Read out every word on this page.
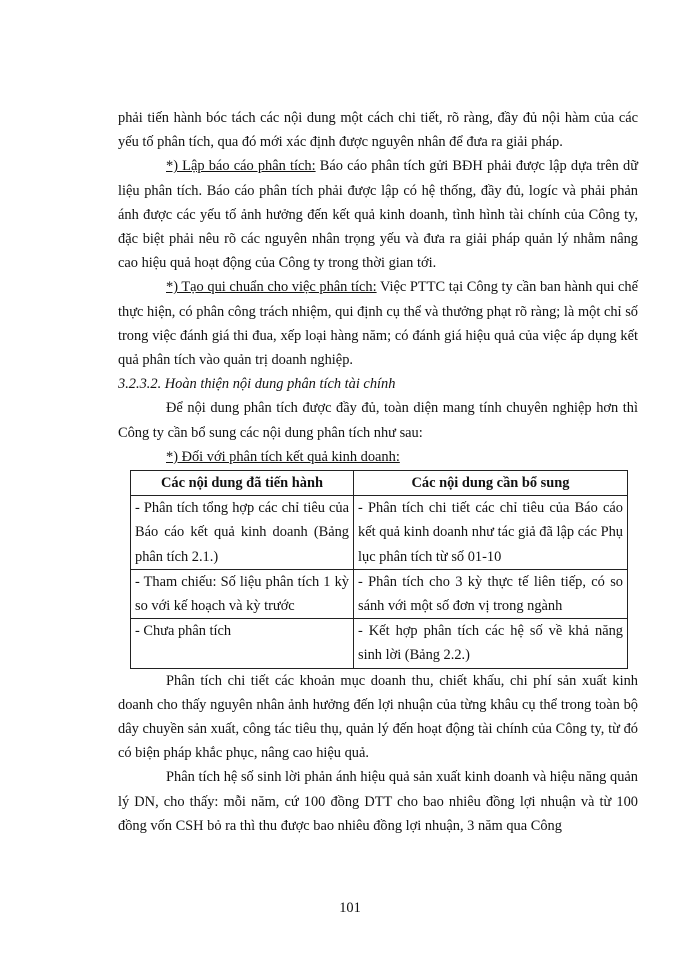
phải tiến hành bóc tách các nội dung một cách chi tiết, rõ ràng, đầy đủ nội hàm của các yếu tố phân tích, qua đó mới xác định được nguyên nhân để đưa ra giải pháp.

*) Lập báo cáo phân tích: Báo cáo phân tích gửi BĐH phải được lập dựa trên dữ liệu phân tích. Báo cáo phân tích phải được lập có hệ thống, đầy đủ, logíc và phải phản ánh được các yếu tố ảnh hưởng đến kết quả kinh doanh, tình hình tài chính của Công ty, đặc biệt phải nêu rõ các nguyên nhân trọng yếu và đưa ra giải pháp quản lý nhằm nâng cao hiệu quả hoạt động của Công ty trong thời gian tới.

*) Tạo qui chuẩn cho việc phân tích: Việc PTTC tại Công ty cần ban hành qui chế thực hiện, có phân công trách nhiệm, qui định cụ thể và thưởng phạt rõ ràng; là một chỉ số trong việc đánh giá thi đua, xếp loại hàng năm; có đánh giá hiệu quả của việc áp dụng kết quả phân tích vào quản trị doanh nghiệp.

3.2.3.2. Hoàn thiện nội dung phân tích tài chính

Để nội dung phân tích được đầy đủ, toàn diện mang tính chuyên nghiệp hơn thì Công ty cần bổ sung các nội dung phân tích như sau:

*) Đối với phân tích kết quả kinh doanh:

Các nội dung đã tiến hành	Các nội dung cần bổ sung
- Phân tích tổng hợp các chỉ tiêu của Báo cáo kết quả kinh doanh (Bảng phân tích 2.1.)	- Phân tích chi tiết các chỉ tiêu của Báo cáo kết quả kinh doanh như tác giả đã lập các Phụ lục phân tích từ số 01-10
- Tham chiếu: Số liệu phân tích 1 kỳ so với kế hoạch và kỳ trước	- Phân tích cho 3 kỳ thực tế liên tiếp, có so sánh với một số đơn vị trong ngành
- Chưa phân tích	- Kết hợp phân tích các hệ số về khả năng sinh lời (Bảng 2.2.)

Phân tích chi tiết các khoản mục doanh thu, chiết khấu, chi phí sản xuất kinh doanh cho thấy nguyên nhân ảnh hưởng đến lợi nhuận của từng khâu cụ thể trong toàn bộ dây chuyền sản xuất, công tác tiêu thụ, quản lý đến hoạt động tài chính của Công ty, từ đó có biện pháp khắc phục, nâng cao hiệu quả.

Phân tích hệ số sinh lời phản ánh hiệu quả sản xuất kinh doanh và hiệu năng quản lý DN, cho thấy: mỗi năm, cứ 100 đồng DTT cho bao nhiêu đồng lợi nhuận và từ 100 đồng vốn CSH bỏ ra thì thu được bao nhiêu đồng lợi nhuận, 3 năm qua Công

101
